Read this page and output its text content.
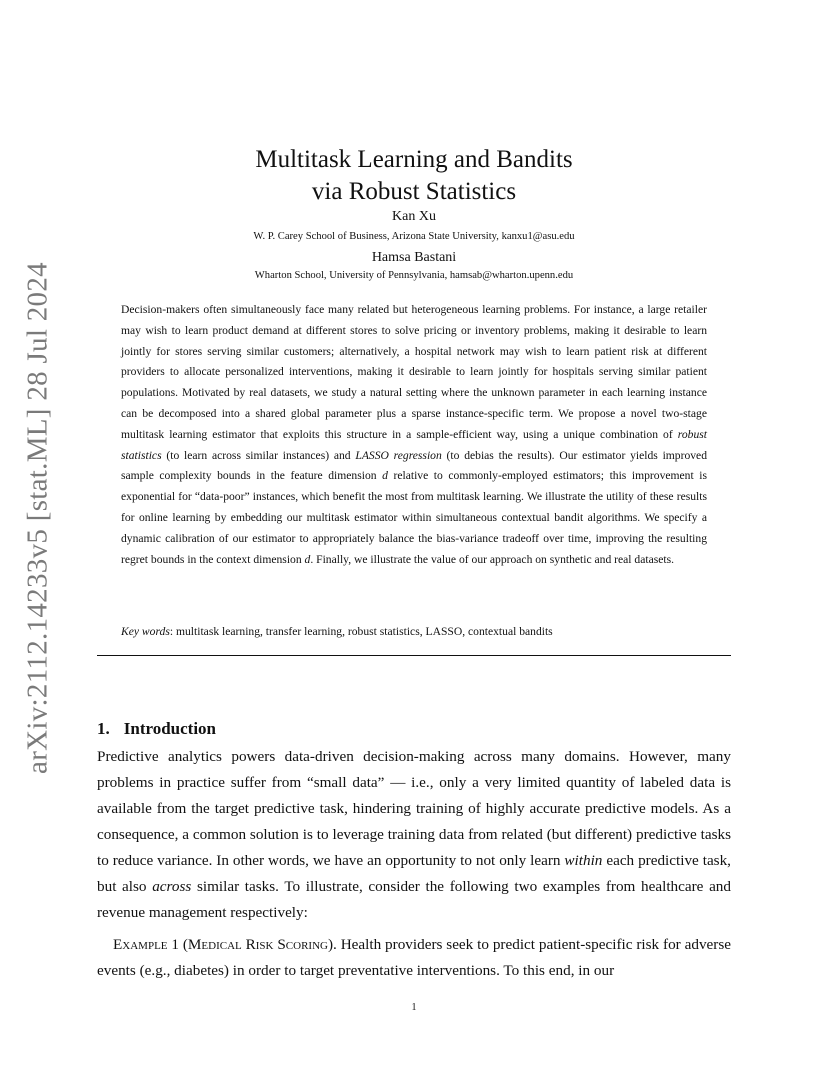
arXiv:2112.14233v5 [stat.ML] 28 Jul 2024
Multitask Learning and Bandits
via Robust Statistics
Kan Xu
W. P. Carey School of Business, Arizona State University, kanxu1@asu.edu
Hamsa Bastani
Wharton School, University of Pennsylvania, hamsab@wharton.upenn.edu

Decision-makers often simultaneously face many related but heterogeneous learning problems. For instance, a large retailer may wish to learn product demand at different stores to solve pricing or inventory problems, making it desirable to learn jointly for stores serving similar customers; alternatively, a hospital network may wish to learn patient risk at different providers to allocate personalized interventions, making it desirable to learn jointly for hospitals serving similar patient populations. Motivated by real datasets, we study a natural setting where the unknown parameter in each learning instance can be decomposed into a shared global parameter plus a sparse instance-specific term. We propose a novel two-stage multitask learning estimator that exploits this structure in a sample-efficient way, using a unique combination of robust statistics (to learn across similar instances) and LASSO regression (to debias the results). Our estimator yields improved sample complexity bounds in the feature dimension d relative to commonly-employed estimators; this improvement is exponential for “data-poor” instances, which benefit the most from multitask learning. We illustrate the utility of these results for online learning by embedding our multitask estimator within simultaneous contextual bandit algorithms. We specify a dynamic calibration of our estimator to appropriately balance the bias-variance tradeoff over time, improving the resulting regret bounds in the context dimension d. Finally, we illustrate the value of our approach on synthetic and real datasets.

Key words: multitask learning, transfer learning, robust statistics, LASSO, contextual bandits

1. Introduction

Predictive analytics powers data-driven decision-making across many domains. However, many problems in practice suffer from “small data” — i.e., only a very limited quantity of labeled data is available from the target predictive task, hindering training of highly accurate predictive models. As a consequence, a common solution is to leverage training data from related (but different) predictive tasks to reduce variance. In other words, we have an opportunity to not only learn within each predictive task, but also across similar tasks. To illustrate, consider the following two examples from healthcare and revenue management respectively:

Example 1 (Medical Risk Scoring). Health providers seek to predict patient-specific risk for adverse events (e.g., diabetes) in order to target preventative interventions. To this end, in our

1
